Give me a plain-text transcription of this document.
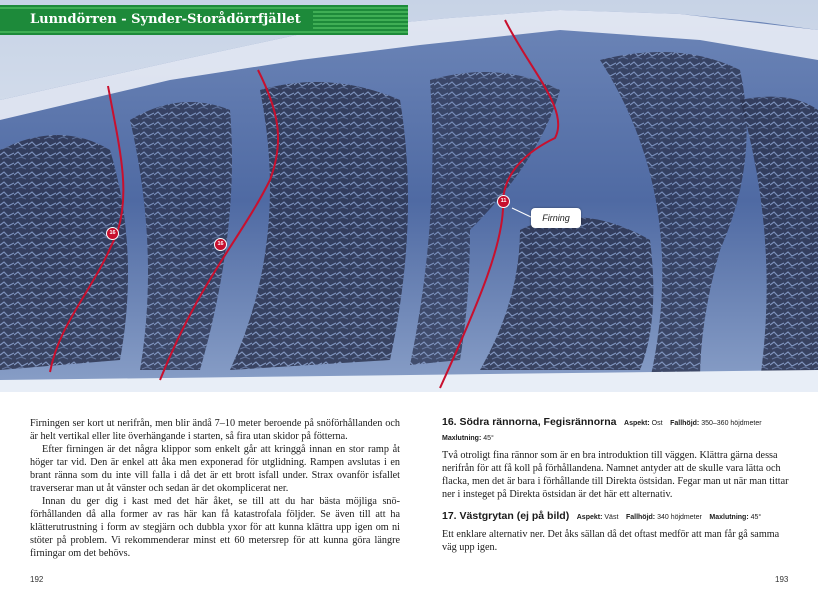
16
16
11
Firning
Lunndörren - Synder-Storådörrfjället

Firningen ser kort ut nerifrån, men blir ändå 7–10 meter beroende på snöförhållanden och är helt vertikal eller lite överhängande i starten, så fira utan skidor på fötterna.

Efter firningen är det några klippor som enkelt går att kringgå innan en stor ramp åt höger tar vid. Den är enkel att åka men exponerad för utglidning. Rampen avslutas i en brant ränna som du inte vill falla i då det är ett brott isfall under. Strax ovanför isfallet traverserar man ut åt vänster och sedan är det okomplicerat ner.

Innan du ger dig i kast med det här åket, se till att du har bästa möjliga snö-förhållanden då alla former av ras här kan få katastrofala följder. Se även till att ha klätterutrustning i form av stegjärn och dubbla yxor för att kunna klättra upp igen om ni stöter på problem. Vi rekommenderar minst ett 60 metersrep för att kunna göra längre firningar om det behövs.

16. Södra rännorna, Fegisrännorna Aspekt: Ost Fallhöjd: 350–360 höjdmeter
Maxlutning: 45°

Två otroligt fina rännor som är en bra introduktion till väggen. Klättra gärna dessa nerifrån för att få koll på förhållandena. Namnet antyder att de skulle vara lätta och flacka, men det är bara i förhållande till Direkta östsidan. Fegar man ut när man tittar ner i insteget på Direkta östsidan är det här ett alternativ.

17. Västgrytan (ej på bild) Aspekt: Väst Fallhöjd: 340 höjdmeter Maxlutning: 45°

Ett enklare alternativ ner. Det åks sällan då det oftast medför att man får gå samma väg upp igen.

192	193
